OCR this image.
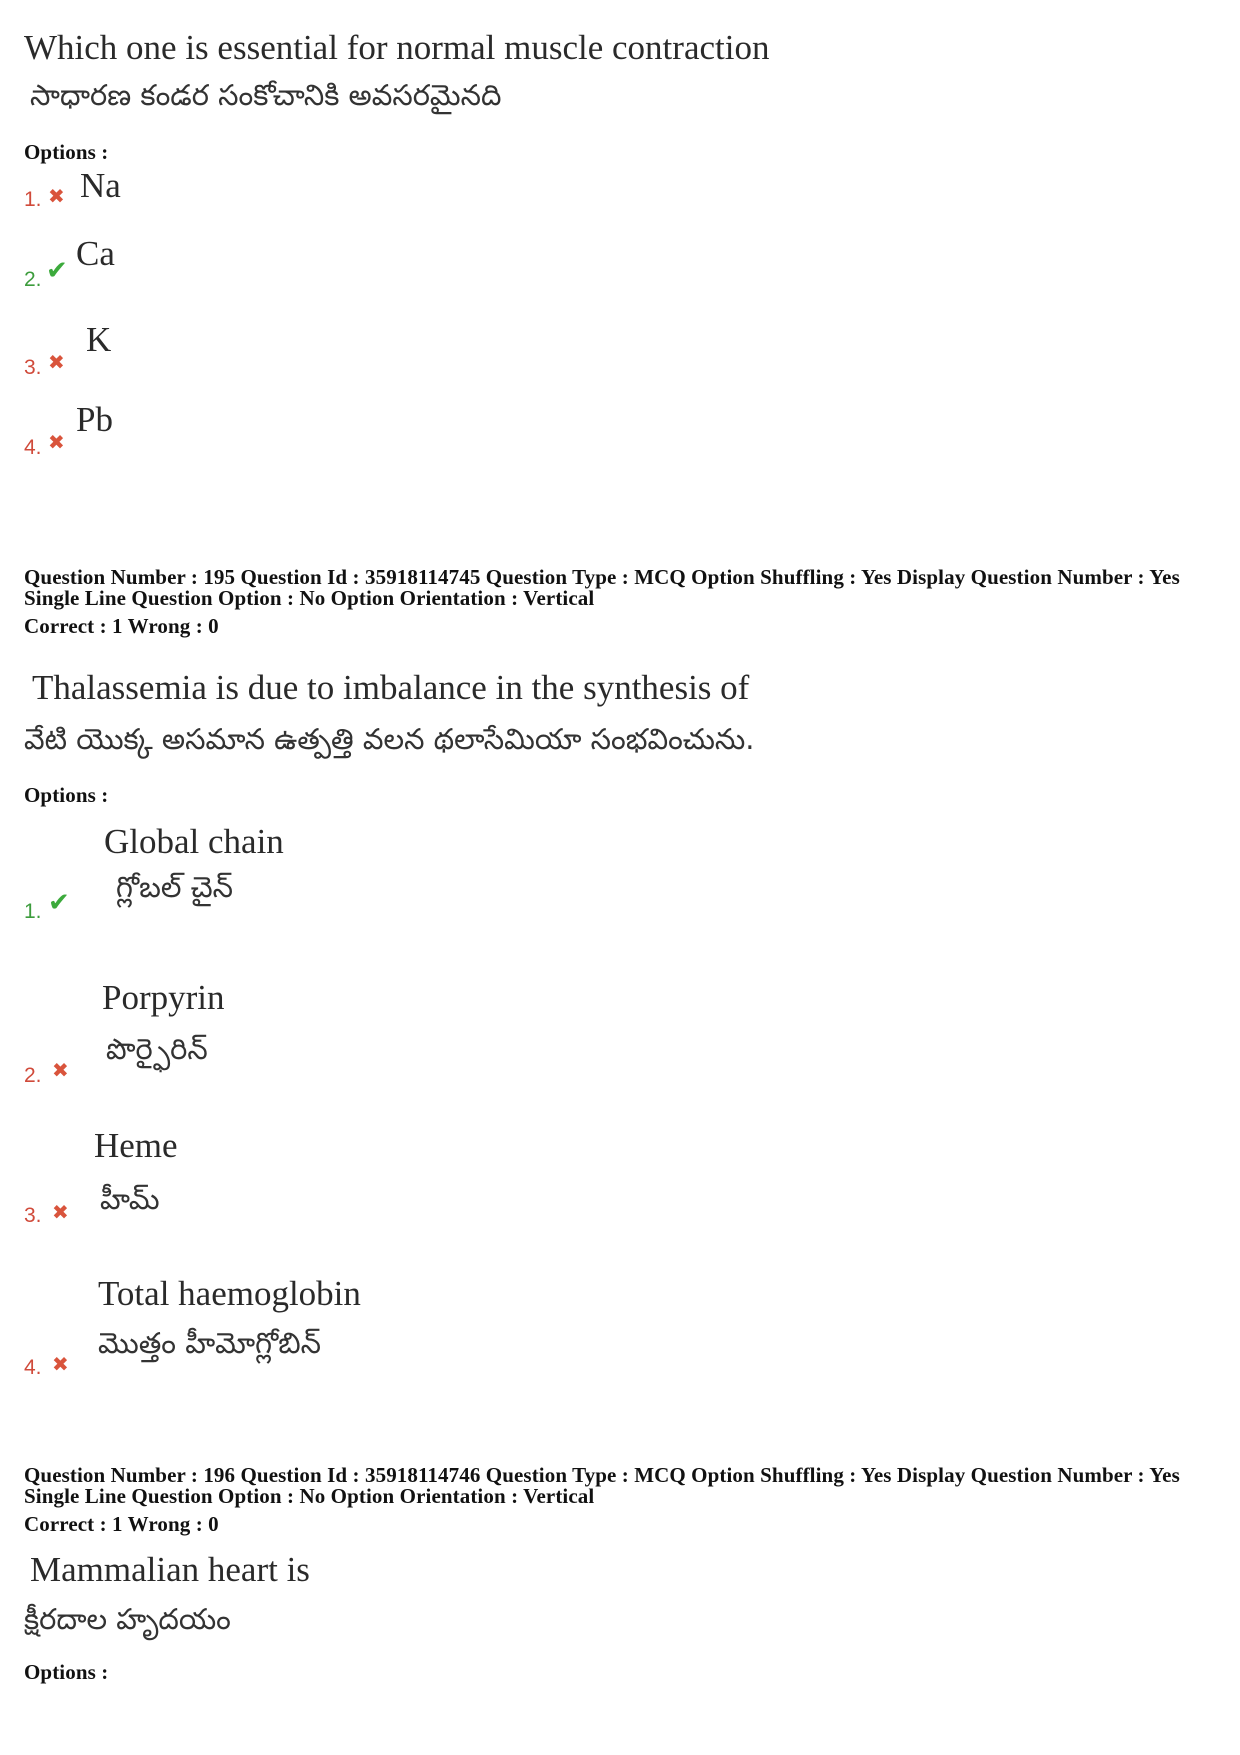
Which one is essential for normal muscle contraction
సాధారణ కండర సంకోచానికి అవసరమైనది
Options :
1. ✖ Na
2. ✔ Ca
3. ✖
K
4. ✖
Pb
Question Number : 195 Question Id : 35918114745 Question Type : MCQ Option Shuffling : Yes Display Question Number : Yes
Single Line Question Option : No Option Orientation : Vertical
Correct : 1 Wrong : 0
Thalassemia is due to imbalance in the synthesis of
వేటి యొక్క అసమాన ఉత్పత్తి వలన థలాసేమియా సంభవించును.
Options :
Global chain
గ్లోబల్ చైన్
1. ✔
Porpyrin
పొర్ఫైరిన్
2. ✖
Heme
హీమ్
3. ✖
Total haemoglobin
మొత్తం హీమోగ్లోబిన్
4. ✖
Question Number : 196 Question Id : 35918114746 Question Type : MCQ Option Shuffling : Yes Display Question Number : Yes
Single Line Question Option : No Option Orientation : Vertical
Correct : 1 Wrong : 0
Mammalian heart is
క్షీరదాల హృదయం
Options :
